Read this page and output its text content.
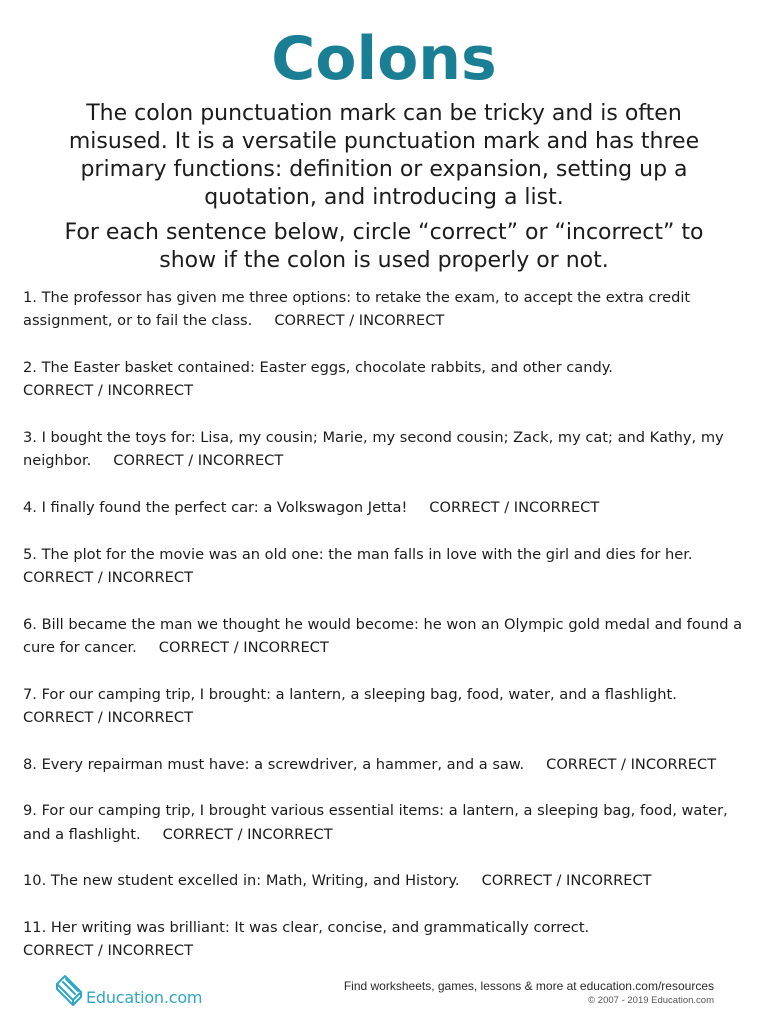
Colons

The colon punctuation mark can be tricky and is often misused. It is a versatile punctuation mark and has three primary functions: definition or expansion, setting up a quotation, and introducing a list.

For each sentence below, circle “correct” or “incorrect” to show if the colon is used properly or not.

1. The professor has given me three options: to retake the exam, to accept the extra credit assignment, or to fail the class. CORRECT / INCORRECT
2. The Easter basket contained: Easter eggs, chocolate rabbits, and other candy.
CORRECT / INCORRECT
3. I bought the toys for: Lisa, my cousin; Marie, my second cousin; Zack, my cat; and Kathy, my neighbor. CORRECT / INCORRECT
4. I finally found the perfect car: a Volkswagon Jetta! CORRECT / INCORRECT
5. The plot for the movie was an old one: the man falls in love with the girl and dies for her.
CORRECT / INCORRECT
6. Bill became the man we thought he would become: he won an Olympic gold medal and found a cure for cancer. CORRECT / INCORRECT
7. For our camping trip, I brought: a lantern, a sleeping bag, food, water, and a flashlight.
CORRECT / INCORRECT
8. Every repairman must have: a screwdriver, a hammer, and a saw. CORRECT / INCORRECT
9. For our camping trip, I brought various essential items: a lantern, a sleeping bag, food, water, and a flashlight. CORRECT / INCORRECT
10. The new student excelled in: Math, Writing, and History. CORRECT / INCORRECT
11. Her writing was brilliant: It was clear, concise, and grammatically correct.
CORRECT / INCORRECT
Education.com
Find worksheets, games, lessons & more at education.com/resources
© 2007 - 2019 Education.com
